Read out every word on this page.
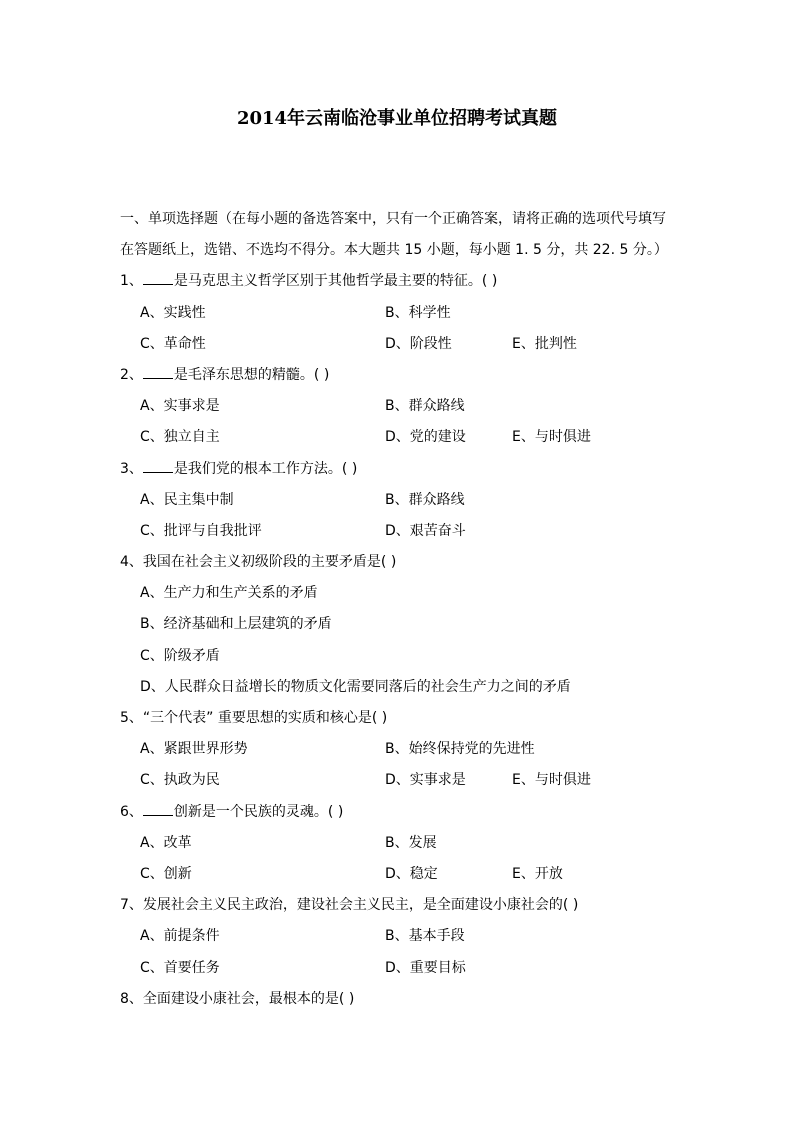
2014年云南临沧事业单位招聘考试真题
一、单项选择题（在每小题的备选答案中，只有一个正确答案，请将正确的选项代号填写
在答题纸上，选错、不选均不得分。本大题共 15 小题，每小题 1. 5 分，共 22. 5 分。）
1、 是马克思主义哲学区别于其他哲学最主要的特征。( )
A、实践性	B、科学性
C、革命性	D、阶段性	E、批判性
2、 是毛泽东思想的精髓。( )
A、实事求是	B、群众路线
C、独立自主	D、党的建设	E、与时俱进
3、 是我们党的根本工作方法。( )
A、民主集中制	B、群众路线
C、批评与自我批评	D、艰苦奋斗
4、我国在社会主义初级阶段的主要矛盾是( )
A、生产力和生产关系的矛盾
B、经济基础和上层建筑的矛盾
C、阶级矛盾
D、人民群众日益增长的物质文化需要同落后的社会生产力之间的矛盾
5、“三个代表” 重要思想的实质和核心是( )
A、紧跟世界形势	B、始终保持党的先进性
C、执政为民	D、实事求是	E、与时俱进
6、 创新是一个民族的灵魂。( )
A、改革	B、发展
C、创新	D、稳定	E、开放
7、发展社会主义民主政治，建设社会主义民主，是全面建设小康社会的( )
A、前提条件	B、基本手段
C、首要任务	D、重要目标
8、全面建设小康社会，最根本的是( )
